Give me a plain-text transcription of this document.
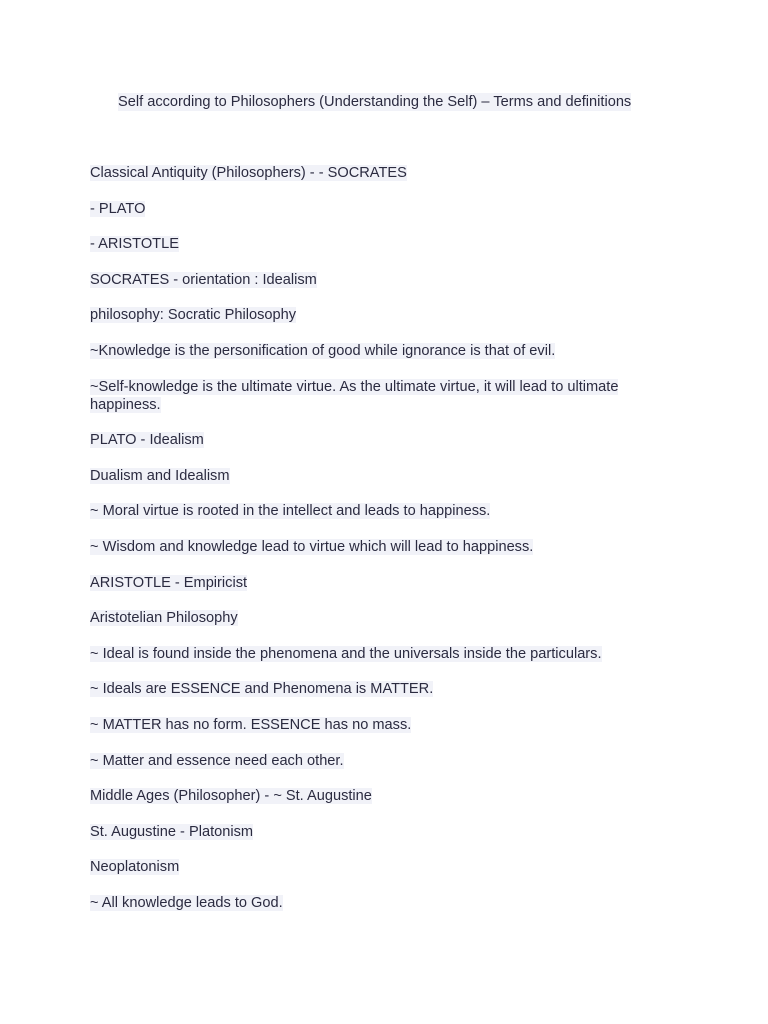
Self according to Philosophers (Understanding the Self) – Terms and definitions

Classical Antiquity (Philosophers) - - SOCRATES

- PLATO

- ARISTOTLE

SOCRATES - orientation : Idealism

philosophy: Socratic Philosophy

~Knowledge is the personification of good while ignorance is that of evil.

~Self-knowledge is the ultimate virtue. As the ultimate virtue, it will lead to ultimate happiness.

PLATO - Idealism

Dualism and Idealism

~ Moral virtue is rooted in the intellect and leads to happiness.

~ Wisdom and knowledge lead to virtue which will lead to happiness.

ARISTOTLE - Empiricist

Aristotelian Philosophy

~ Ideal is found inside the phenomena and the universals inside the particulars.

~ Ideals are ESSENCE and Phenomena is MATTER.

~ MATTER has no form. ESSENCE has no mass.

~ Matter and essence need each other.

Middle Ages (Philosopher) - ~ St. Augustine

St. Augustine - Platonism

Neoplatonism

~ All knowledge leads to God.
